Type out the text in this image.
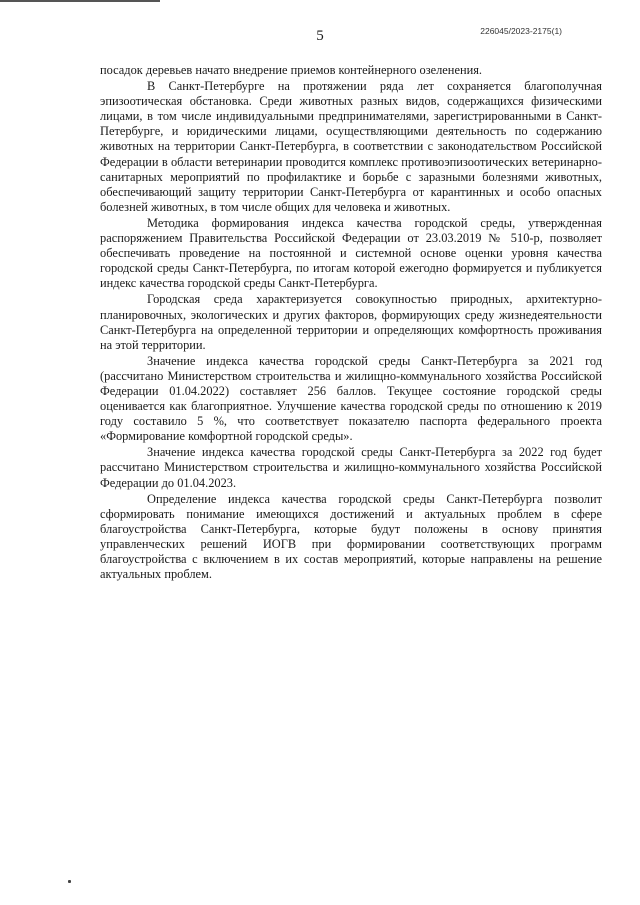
5	226045/2023-2175(1)

посадок деревьев начато внедрение приемов контейнерного озеленения.

В Санкт-Петербурге на протяжении ряда лет сохраняется благополучная эпизоотическая обстановка. Среди животных разных видов, содержащихся физическими лицами, в том числе индивидуальными предпринимателями, зарегистрированными в Санкт-Петербурге, и юридическими лицами, осуществляющими деятельность по содержанию животных на территории Санкт-Петербурга, в соответствии с законодательством Российской Федерации в области ветеринарии проводится комплекс противоэпизоотических ветеринарно-санитарных мероприятий по профилактике и борьбе с заразными болезнями животных, обеспечивающий защиту территории Санкт-Петербурга от карантинных и особо опасных болезней животных, в том числе общих для человека и животных.

Методика формирования индекса качества городской среды, утвержденная распоряжением Правительства Российской Федерации от 23.03.2019 № 510-р, позволяет обеспечивать проведение на постоянной и системной основе оценки уровня качества городской среды Санкт-Петербурга, по итогам которой ежегодно формируется и публикуется индекс качества городской среды Санкт-Петербурга.

Городская среда характеризуется совокупностью природных, архитектурно-планировочных, экологических и других факторов, формирующих среду жизнедеятельности Санкт-Петербурга на определенной территории и определяющих комфортность проживания на этой территории.

Значение индекса качества городской среды Санкт-Петербурга за 2021 год (рассчитано Министерством строительства и жилищно-коммунального хозяйства Российской Федерации 01.04.2022) составляет 256 баллов. Текущее состояние городской среды оценивается как благоприятное. Улучшение качества городской среды по отношению к 2019 году составило 5 %, что соответствует показателю паспорта федерального проекта «Формирование комфортной городской среды».

Значение индекса качества городской среды Санкт-Петербурга за 2022 год будет рассчитано Министерством строительства и жилищно-коммунального хозяйства Российской Федерации до 01.04.2023.

Определение индекса качества городской среды Санкт-Петербурга позволит сформировать понимание имеющихся достижений и актуальных проблем в сфере благоустройства Санкт-Петербурга, которые будут положены в основу принятия управленческих решений ИОГВ при формировании соответствующих программ благоустройства с включением в их состав мероприятий, которые направлены на решение актуальных проблем.
